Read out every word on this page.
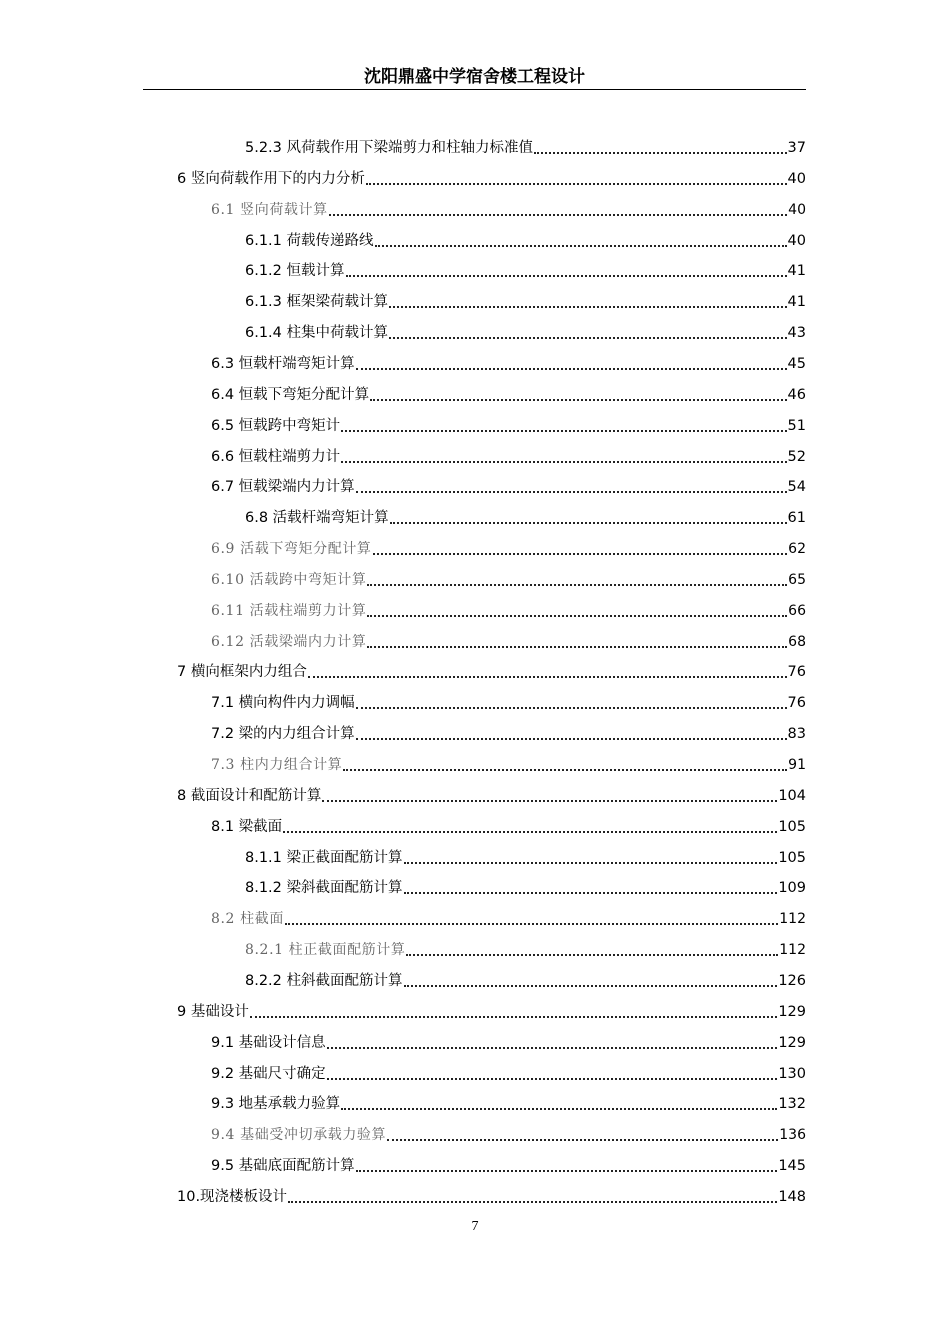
沈阳鼎盛中学宿舍楼工程设计
5.2.3 风荷载作用下梁端剪力和柱轴力标准值	37
6 竖向荷载作用下的内力分析	40
6.1 竖向荷载计算	40
6.1.1 荷载传递路线	40
6.1.2 恒载计算	41
6.1.3 框架梁荷载计算	41
6.1.4 柱集中荷载计算	43
6.3 恒载杆端弯矩计算	45
6.4 恒载下弯矩分配计算	46
6.5 恒载跨中弯矩计	51
6.6 恒载柱端剪力计	52
6.7 恒载梁端内力计算	54
6.8 活载杆端弯矩计算	61
6.9 活载下弯矩分配计算	62
6.10 活载跨中弯矩计算	65
6.11 活载柱端剪力计算	66
6.12 活载梁端内力计算	68
7 横向框架内力组合	76
7.1 横向构件内力调幅	76
7.2 梁的内力组合计算	83
7.3 柱内力组合计算	91
8 截面设计和配筋计算	104
8.1 梁截面	105
8.1.1 梁正截面配筋计算	105
8.1.2 梁斜截面配筋计算	109
8.2 柱截面	112
8.2.1 柱正截面配筋计算	112
8.2.2 柱斜截面配筋计算	126
9 基础设计	129
9.1 基础设计信息	129
9.2 基础尺寸确定	130
9.3 地基承载力验算	132
9.4 基础受冲切承载力验算	136
9.5 基础底面配筋计算	145
10.现浇楼板设计	148
7
